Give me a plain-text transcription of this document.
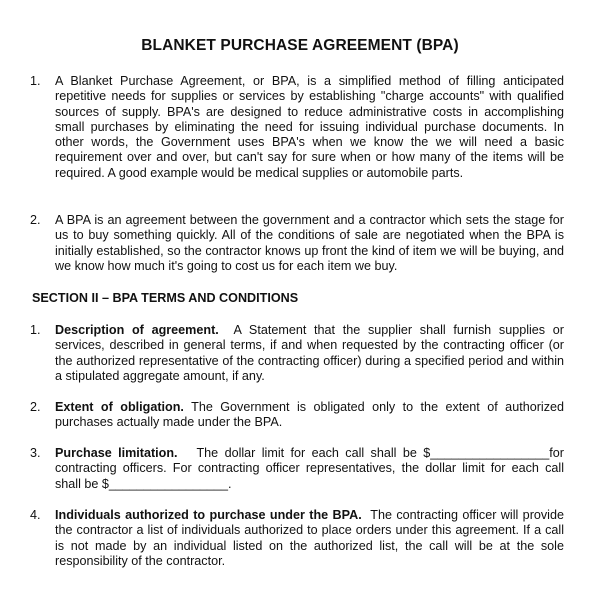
BLANKET PURCHASE AGREEMENT (BPA)
1.	A Blanket Purchase Agreement, or BPA, is a simplified method of filling anticipated repetitive needs for supplies or services by establishing "charge accounts" with qualified sources of supply. BPA's are designed to reduce administrative costs in accomplishing small purchases by eliminating the need for issuing individual purchase documents. In other words, the Government uses BPA's when we know the we will need a basic requirement over and over, but can't say for sure when or how many of the items will be required. A good example would be medical supplies or automobile parts.
2.	A BPA is an agreement between the government and a contractor which sets the stage for us to buy something quickly. All of the conditions of sale are negotiated when the BPA is initially established, so the contractor knows up front the kind of item we will be buying, and we know how much it's going to cost us for each item we buy.
SECTION II – BPA TERMS AND CONDITIONS
1.	Description of agreement. A Statement that the supplier shall furnish supplies or services, described in general terms, if and when requested by the contracting officer (or the authorized representative of the contracting officer) during a specified period and within a stipulated aggregate amount, if any.
2.	Extent of obligation. The Government is obligated only to the extent of authorized purchases actually made under the BPA.
3.	Purchase limitation. The dollar limit for each call shall be $_________________for contracting officers. For contracting officer representatives, the dollar limit for each call shall be $_________________.
4.	Individuals authorized to purchase under the BPA. The contracting officer will provide the contractor a list of individuals authorized to place orders under this agreement. If a call is not made by an individual listed on the authorized list, the call will be at the sole responsibility of the contractor.
